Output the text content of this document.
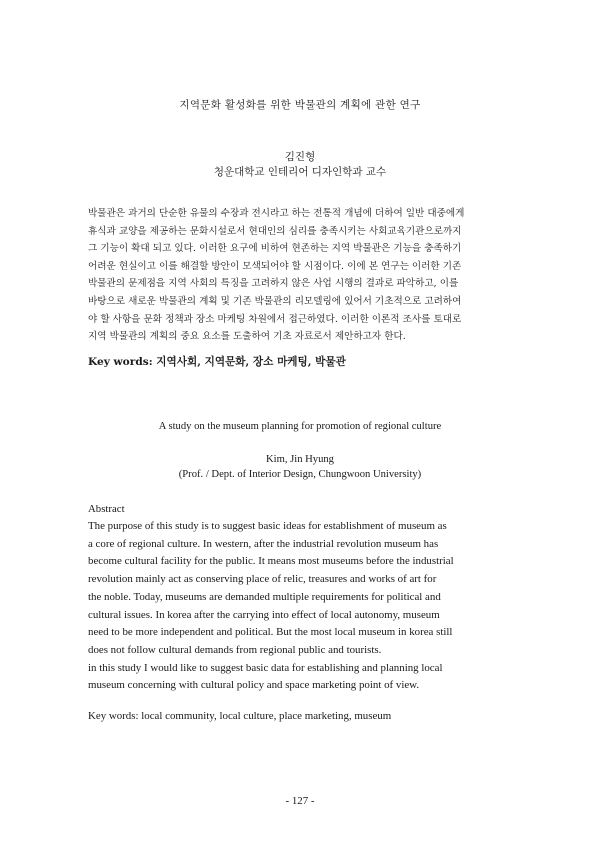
지역문화 활성화를 위한 박물관의 계획에 관한 연구
김진형
청운대학교 인테리어 디자인학과 교수
박물관은 과거의 단순한 유물의 수장과 전시라고 하는 전통적 개념에 더하여 일반 대중에게
휴식과 교양을 제공하는 문화시설로서 현대인의 심리를 충족시키는 사회교육기관으로까지
그 기능이 확대 되고 있다. 이러한 요구에 비하여 현존하는 지역 박물관은 기능을 충족하기
어려운 현실이고 이를 해결할 방안이 모색되어야 할 시점이다. 이에 본 연구는 이러한 기존
박물관의 문제점을 지역 사회의 특징을 고려하지 않은 사업 시행의 결과로 파악하고, 이를
바탕으로 새로운 박물관의 계획 및 기존 박물관의 리모델링에 있어서 기초적으로 고려하여
야 할 사항을 문화 정책과 장소 마케팅 차원에서 접근하였다. 이러한 이론적 조사를 토대로
지역 박물관의 계획의 중요 요소를 도출하여 기초 자료로서 제안하고자 한다.
Key words: 지역사회, 지역문화, 장소 마케팅, 박물관
A study on the museum planning for promotion of regional culture
Kim, Jin Hyung
(Prof. / Dept. of Interior Design, Chungwoon University)
Abstract
The purpose of this study is to suggest basic ideas for establishment of museum as
a core of regional culture. In western, after the industrial revolution museum has
become cultural facility for the public. It means most museums before the industrial
revolution mainly act as conserving place of relic, treasures and works of art for
the noble. Today, museums are demanded multiple requirements for political and
cultural issues. In korea after the carrying into effect of local autonomy, museum
need to be more independent and political. But the most local museum in korea still
does not follow cultural demands from regional public and tourists.
in this study I would like to suggest basic data for establishing and planning local
museum concerning with cultural policy and space marketing point of view.
Key words: local community, local culture, place marketing, museum
- 127 -
